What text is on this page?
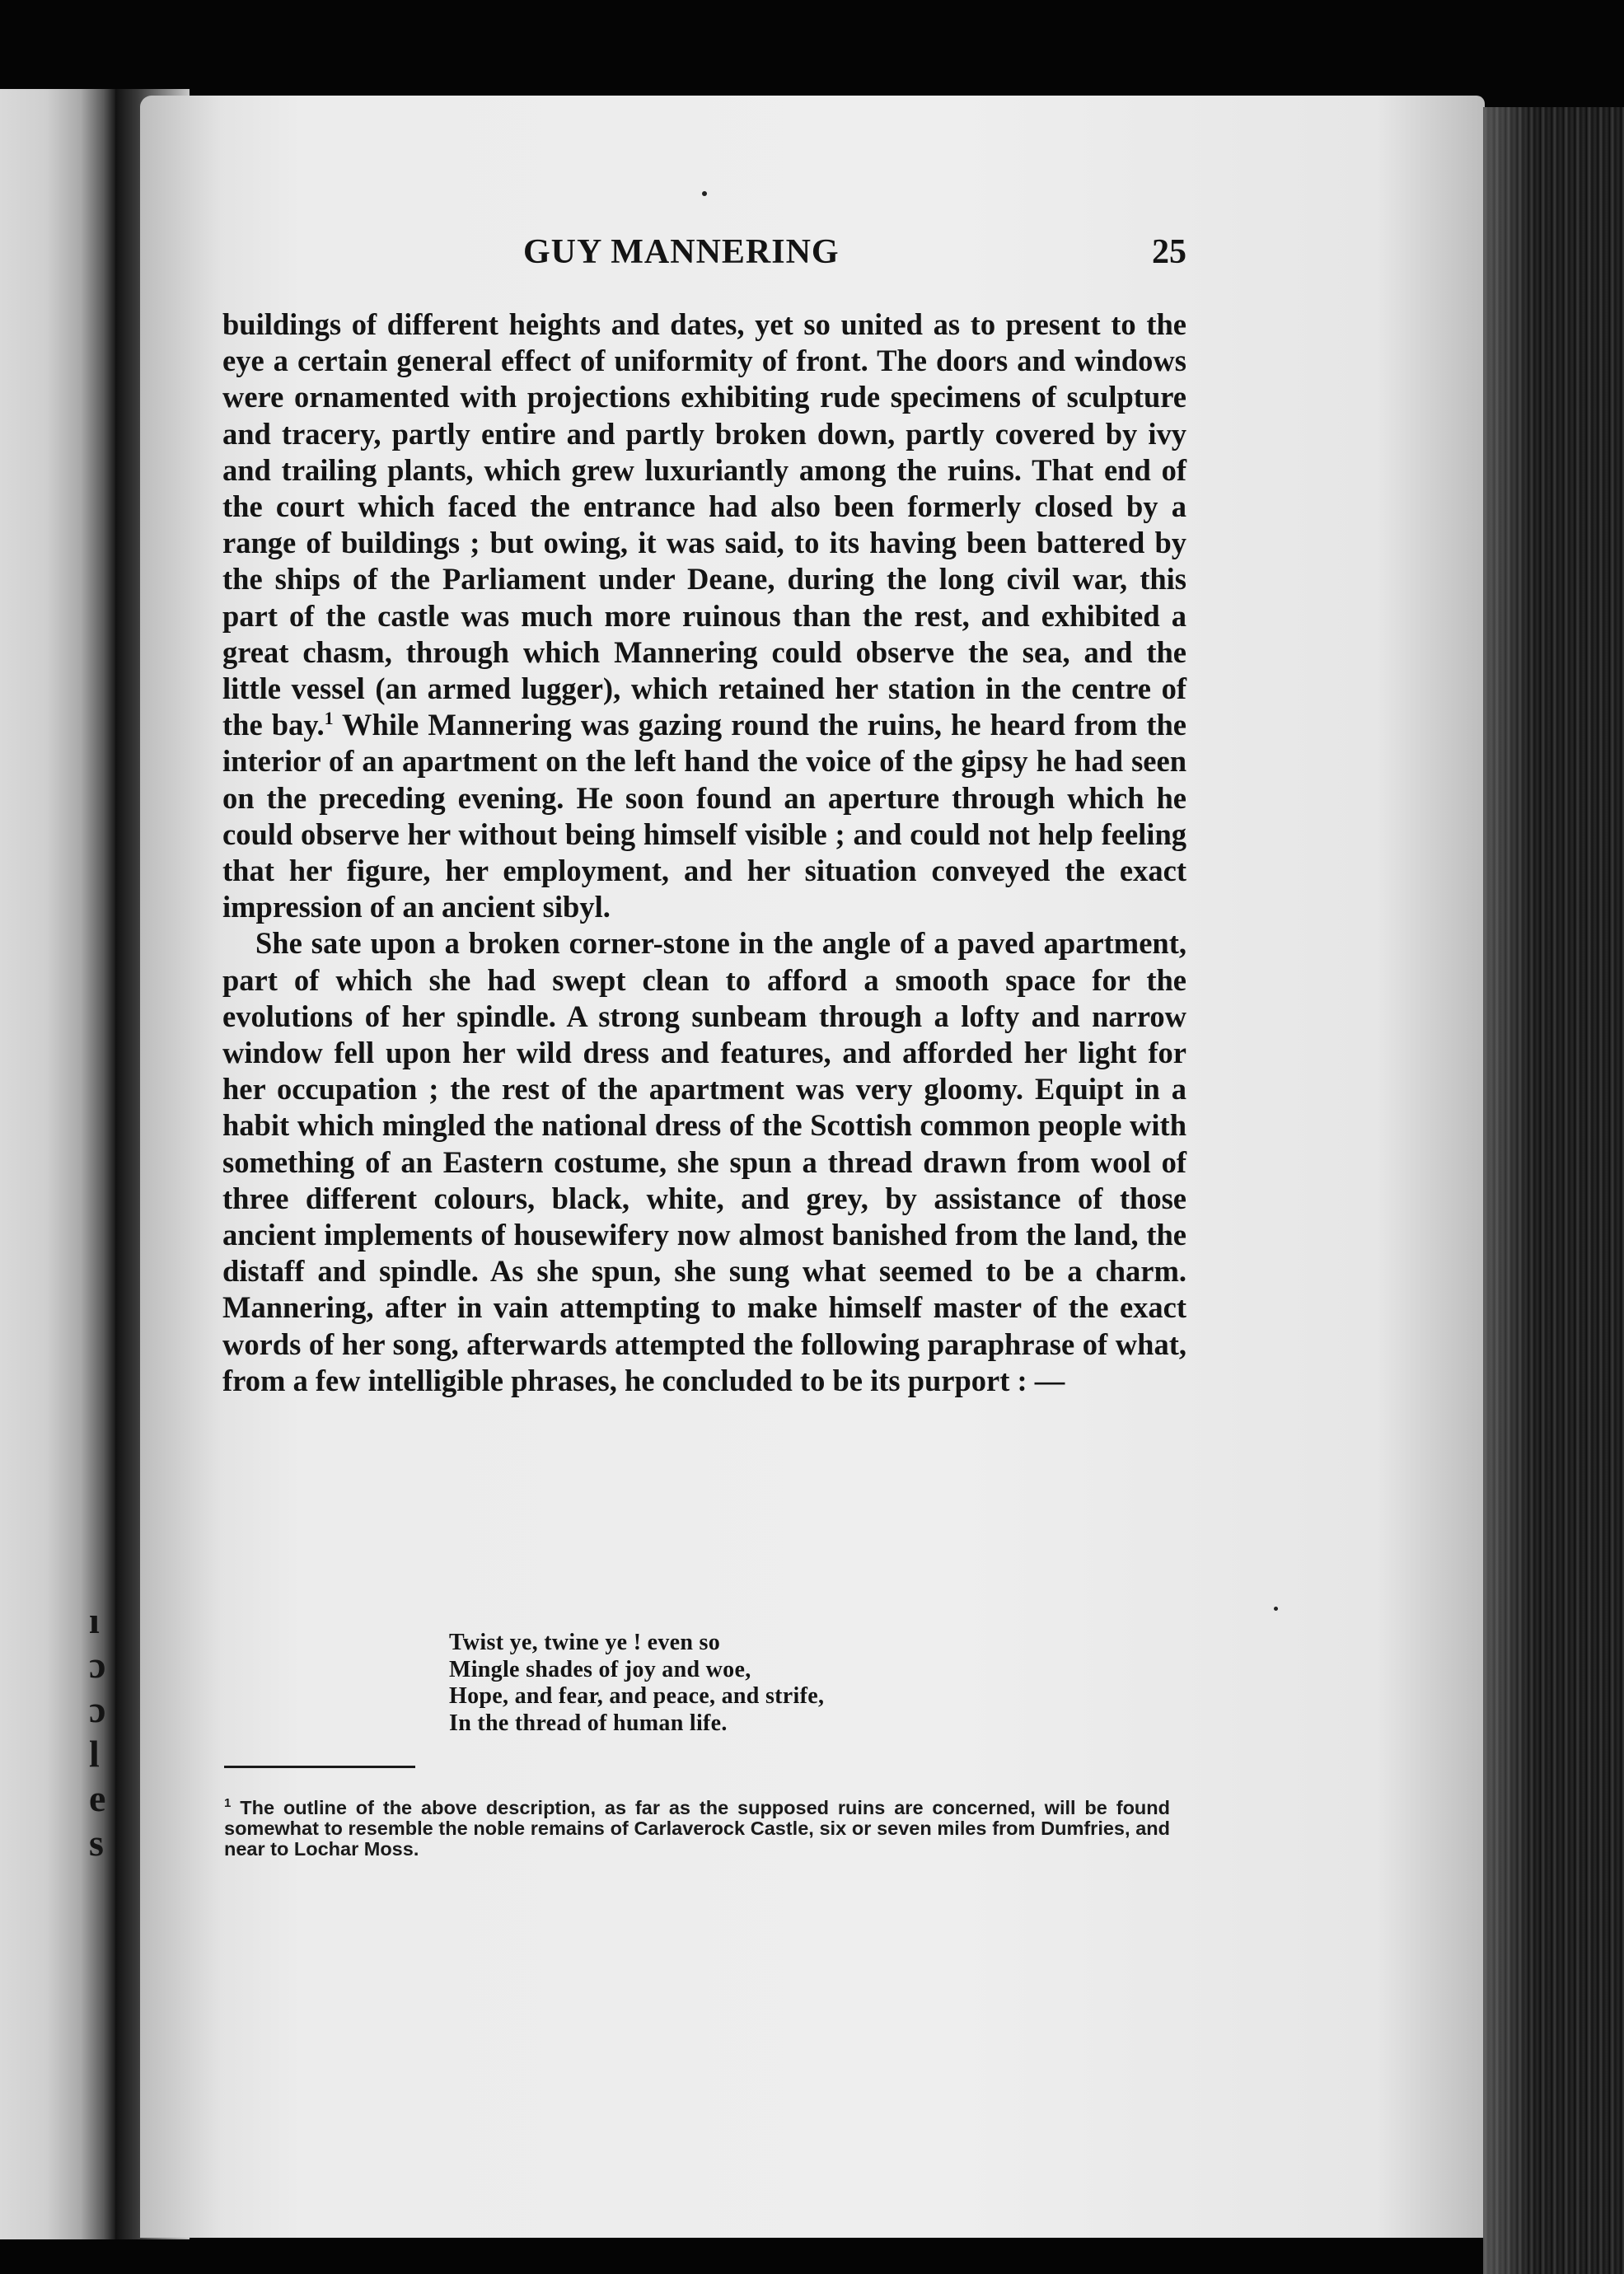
ı
ɔ
ɔ
l
e
s
GUY MANNERING	25

buildings of different heights and dates, yet so united as to present to the eye a certain general effect of uniformity of front. The doors and windows were ornamented with projections exhibiting rude specimens of sculpture and tracery, partly entire and partly broken down, partly covered by ivy and trailing plants, which grew luxuriantly among the ruins. That end of the court which faced the entrance had also been formerly closed by a range of buildings ; but owing, it was said, to its having been battered by the ships of the Parliament under Deane, during the long civil war, this part of the castle was much more ruinous than the rest, and exhibited a great chasm, through which Mannering could observe the sea, and the little vessel (an armed lugger), which retained her station in the centre of the bay.$^1$ While Mannering was gazing round the ruins, he heard from the interior of an apartment on the left hand the voice of the gipsy he had seen on the preceding evening. He soon found an aperture through which he could observe her without being himself visible ; and could not help feeling that her figure, her employment, and her situation conveyed the exact impression of an ancient sibyl.

She sate upon a broken corner-stone in the angle of a paved apartment, part of which she had swept clean to afford a smooth space for the evolutions of her spindle. A strong sunbeam through a lofty and narrow window fell upon her wild dress and features, and afforded her light for her occupation ; the rest of the apartment was very gloomy. Equipt in a habit which mingled the national dress of the Scottish common people with something of an Eastern costume, she spun a thread drawn from wool of three different colours, black, white, and grey, by assistance of those ancient implements of housewifery now almost banished from the land, the distaff and spindle. As she spun, she sung what seemed to be a charm. Mannering, after in vain attempting to make himself master of the exact words of her song, afterwards attempted the following paraphrase of what, from a few intelligible phrases, he concluded to be its purport : —

Twist ye, twine ye ! even so
Mingle shades of joy and woe,
Hope, and fear, and peace, and strife,
In the thread of human life.
$^1$ The outline of the above description, as far as the supposed ruins are concerned, will be found somewhat to resemble the noble remains of Carlaverock Castle, six or seven miles from Dumfries, and near to Lochar Moss.
